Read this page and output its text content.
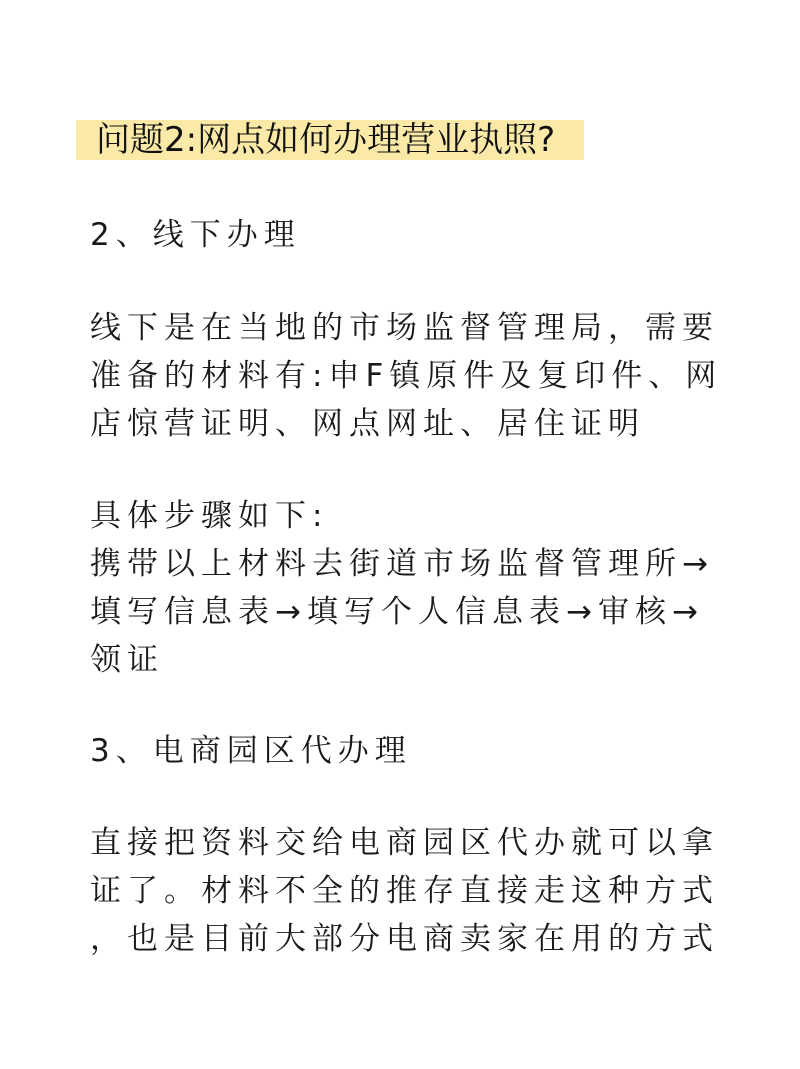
问题2:网点如何办理营业执照?
2、线下办理
线下是在当地的市场监督管理局，需要
准备的材料有:申F镇原件及复印件、网
店惊营证明、网点网址、居住证明
具体步骤如下:
携带以上材料去街道市场监督管理所→
填写信息表→填写个人信息表→审核→
领证
3、电商园区代办理
直接把资料交给电商园区代办就可以拿
证了。材料不全的推存直接走这种方式
，也是目前大部分电商卖家在用的方式
